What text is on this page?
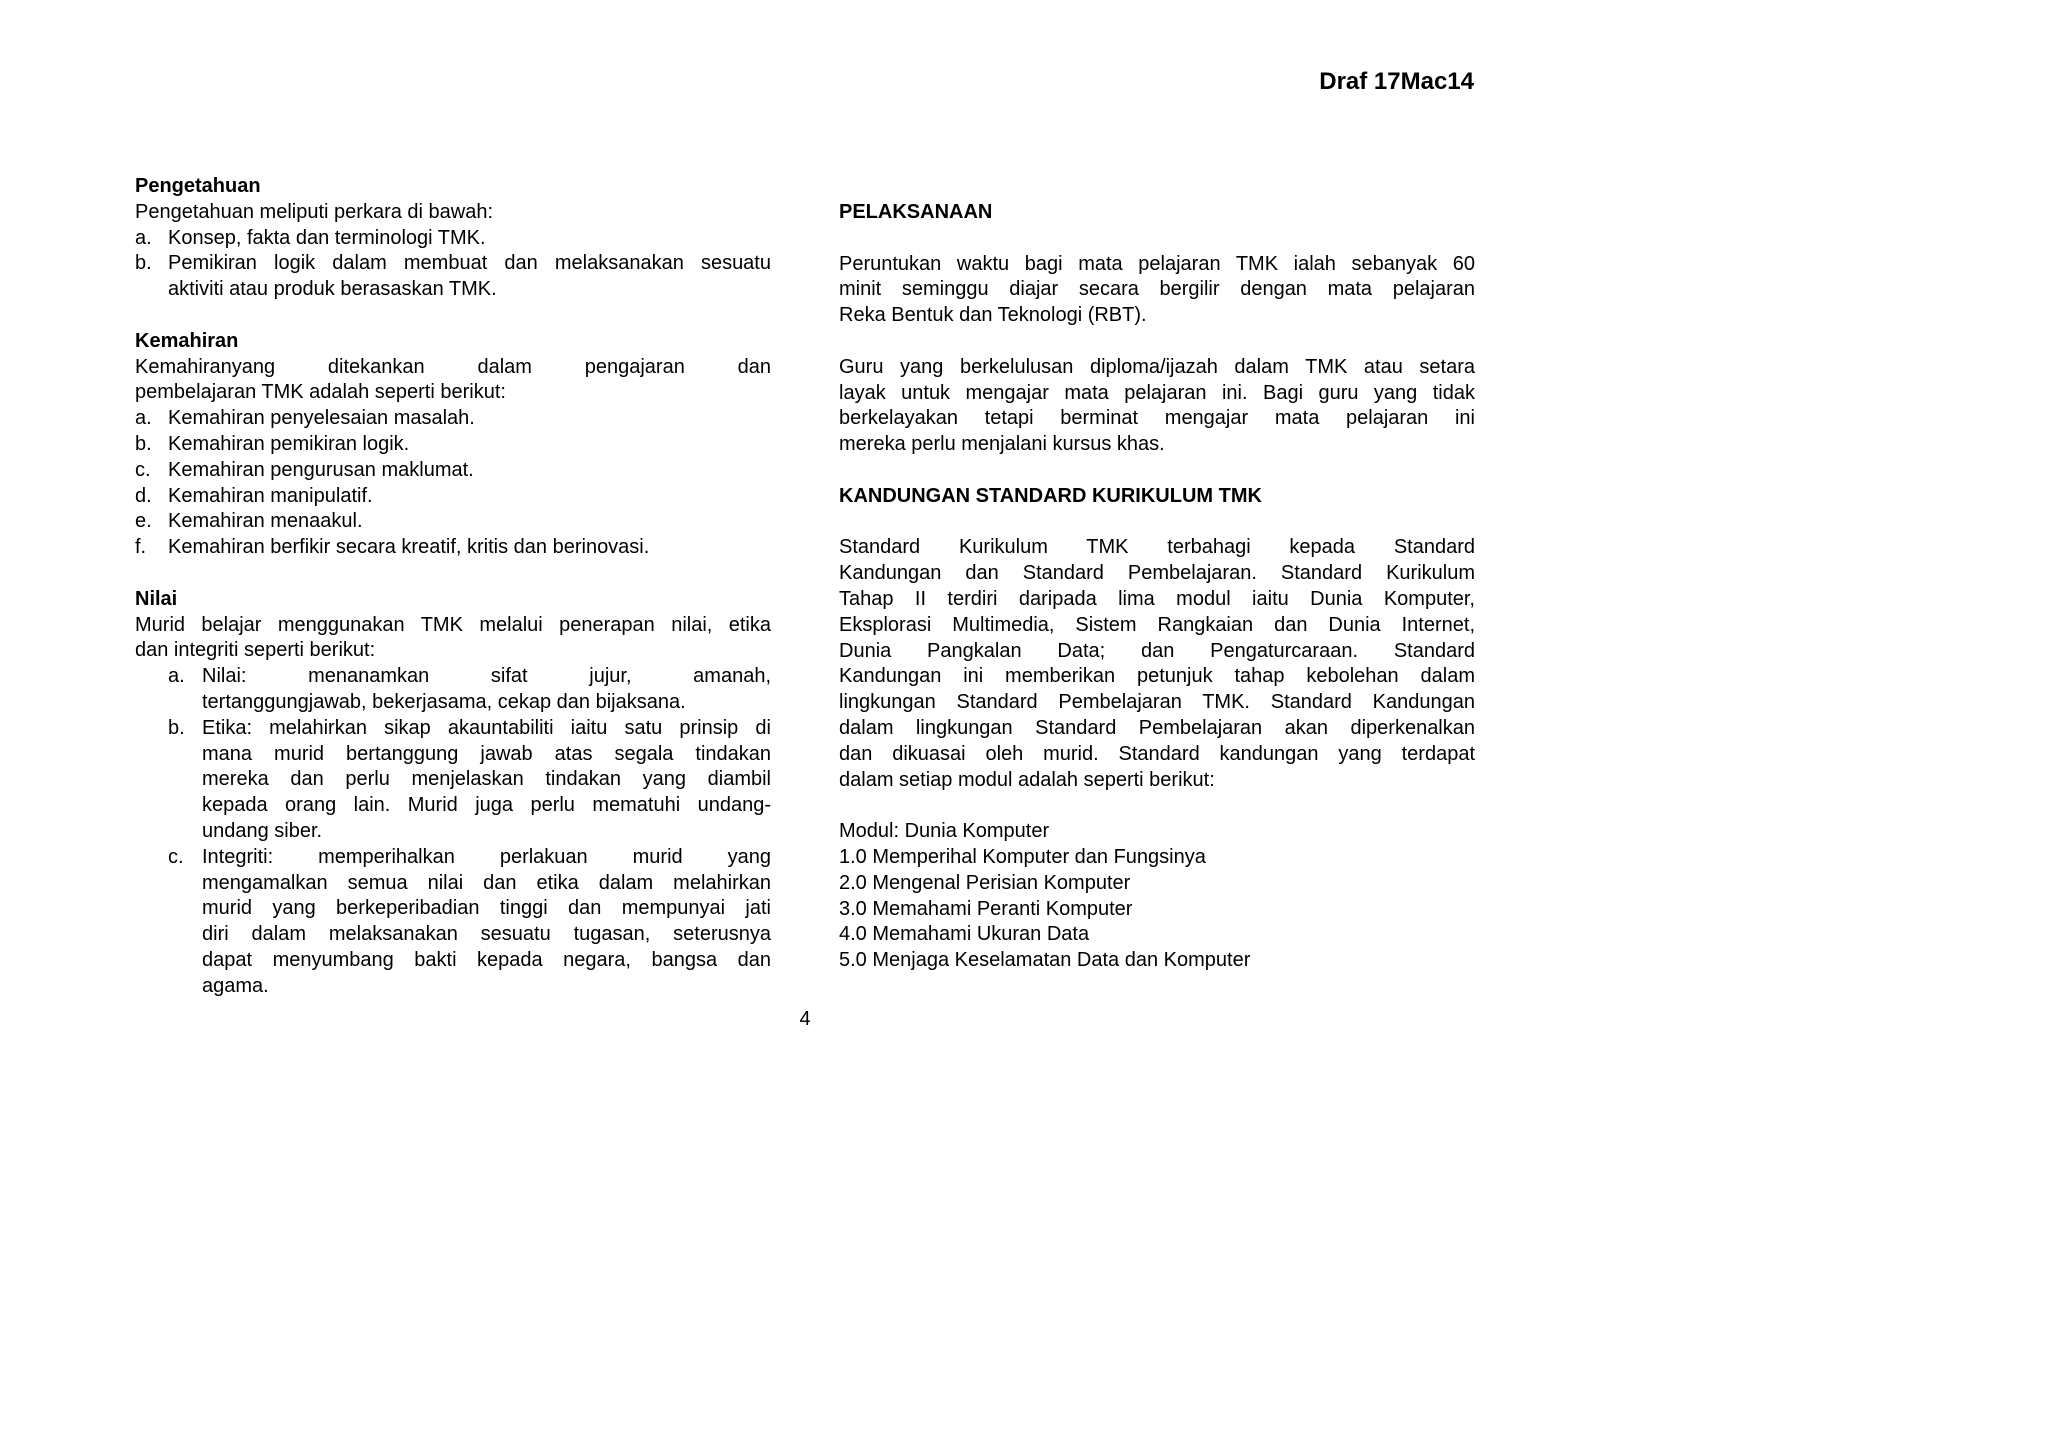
Draf 17Mac14

Pengetahuan

Pengetahuan meliputi perkara di bawah:

a. Konsep, fakta dan terminologi TMK.
b. Pemikiran logik dalam membuat dan melaksanakan sesuatu
aktiviti atau produk berasaskan TMK.

Kemahiran

Kemahiranyang ditekankan dalam pengajaran dan
pembelajaran TMK adalah seperti berikut:
a. Kemahiran penyelesaian masalah.
b. Kemahiran pemikiran logik.
c. Kemahiran pengurusan maklumat.
d. Kemahiran manipulatif.
e. Kemahiran menaakul.
f. Kemahiran berfikir secara kreatif, kritis dan berinovasi.

Nilai

Murid belajar menggunakan TMK melalui penerapan nilai, etika
dan integriti seperti berikut:
a. Nilai: menanamkan sifat jujur, amanah,
tertanggungjawab, bekerjasama, cekap dan bijaksana.
b. Etika: melahirkan sikap akauntabiliti iaitu satu prinsip di
mana murid bertanggung jawab atas segala tindakan
mereka dan perlu menjelaskan tindakan yang diambil
kepada orang lain. Murid juga perlu mematuhi undang-
undang siber.
c. Integriti: memperihalkan perlakuan murid yang
mengamalkan semua nilai dan etika dalam melahirkan
murid yang berkeperibadian tinggi dan mempunyai jati
diri dalam melaksanakan sesuatu tugasan, seterusnya
dapat menyumbang bakti kepada negara, bangsa dan
agama.

PELAKSANAAN

Peruntukan waktu bagi mata pelajaran TMK ialah sebanyak 60
minit seminggu diajar secara bergilir dengan mata pelajaran
Reka Bentuk dan Teknologi (RBT).
Guru yang berkelulusan diploma/ijazah dalam TMK atau setara
layak untuk mengajar mata pelajaran ini. Bagi guru yang tidak
berkelayakan tetapi berminat mengajar mata pelajaran ini
mereka perlu menjalani kursus khas.

KANDUNGAN STANDARD KURIKULUM TMK

Standard Kurikulum TMK terbahagi kepada Standard
Kandungan dan Standard Pembelajaran. Standard Kurikulum
Tahap II terdiri daripada lima modul iaitu Dunia Komputer,
Eksplorasi Multimedia, Sistem Rangkaian dan Dunia Internet,
Dunia Pangkalan Data; dan Pengaturcaraan. Standard
Kandungan ini memberikan petunjuk tahap kebolehan dalam
lingkungan Standard Pembelajaran TMK. Standard Kandungan
dalam lingkungan Standard Pembelajaran akan diperkenalkan
dan dikuasai oleh murid. Standard kandungan yang terdapat
dalam setiap modul adalah seperti berikut:

Modul: Dunia Komputer

1.0 Memperihal Komputer dan Fungsinya

2.0 Mengenal Perisian Komputer

3.0 Memahami Peranti Komputer

4.0 Memahami Ukuran Data

5.0 Menjaga Keselamatan Data dan Komputer

4
